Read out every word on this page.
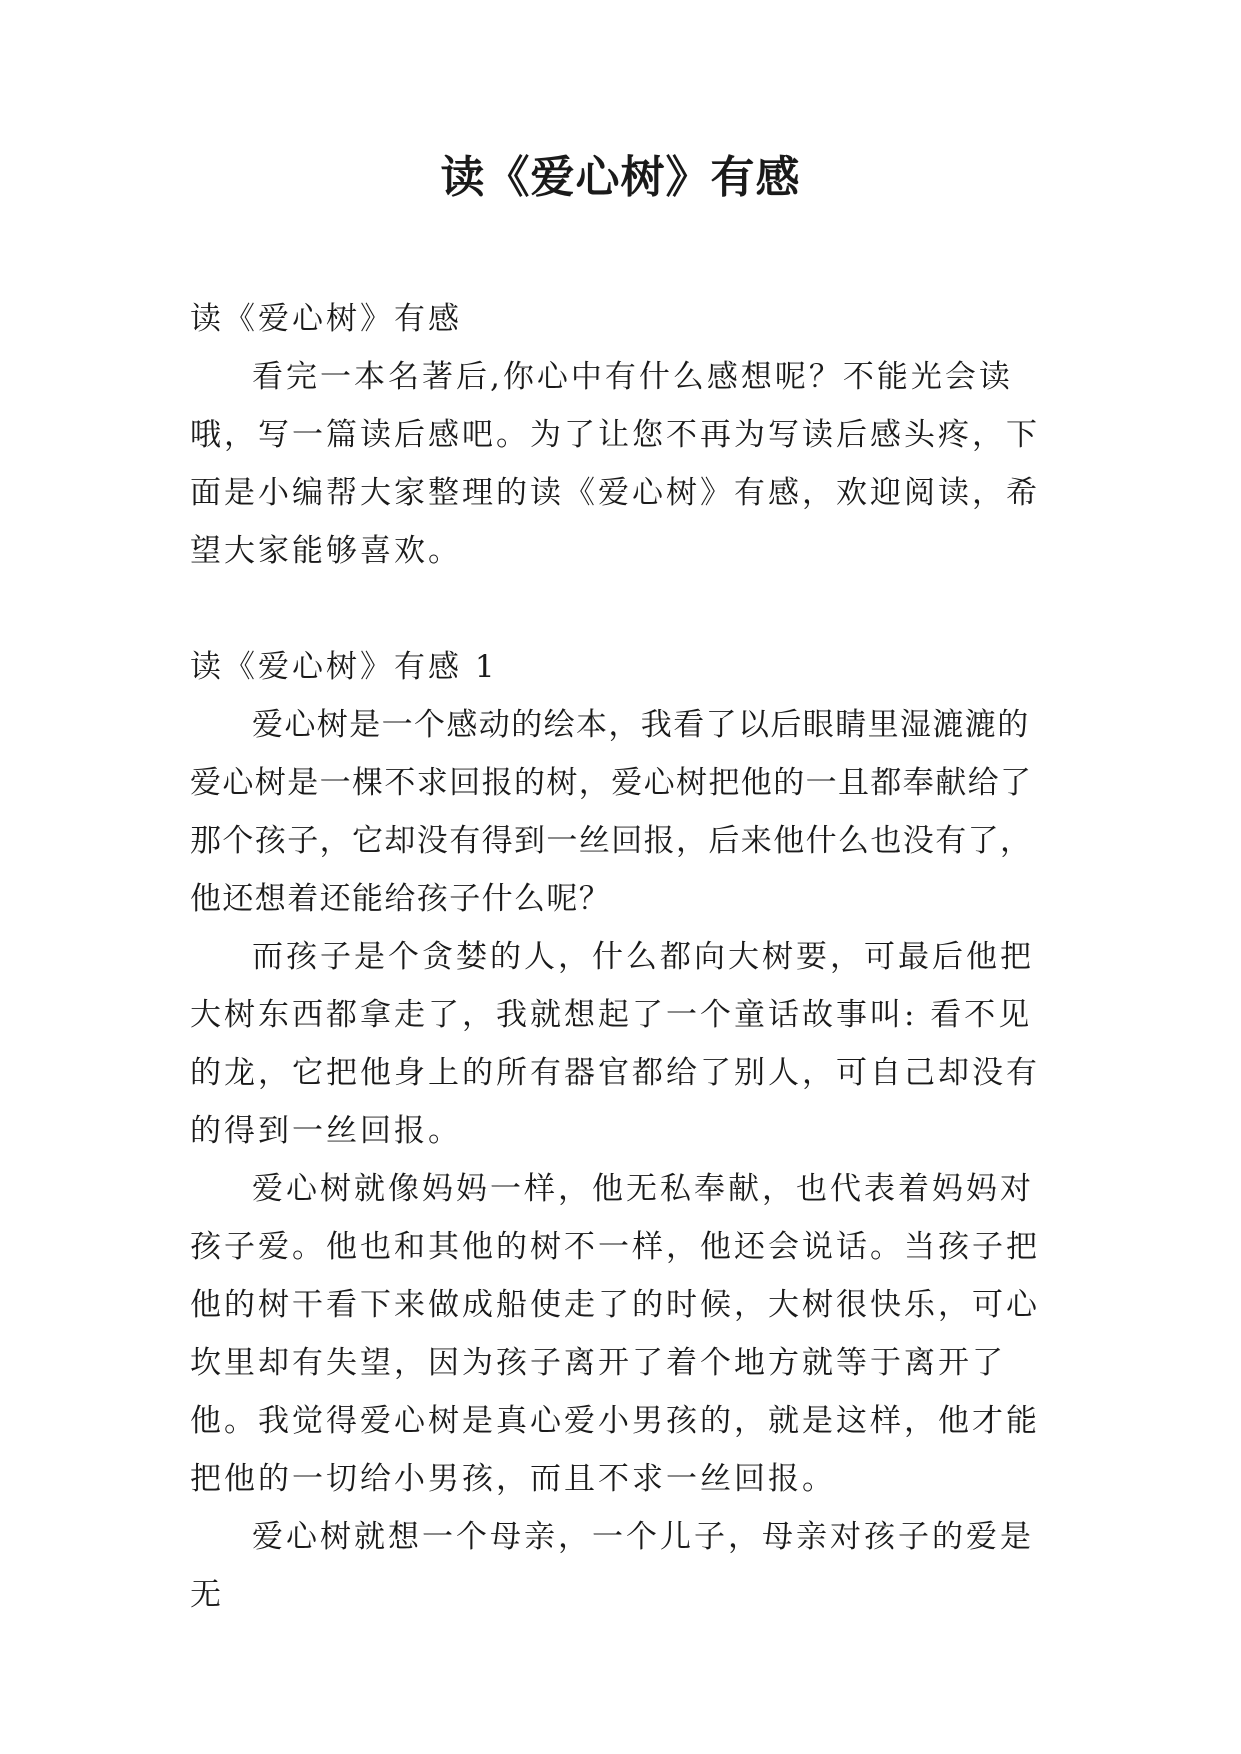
读《爱心树》有感

读《爱心树》有感

看完一本名著后,你心中有什么感想呢？不能光会读哦，写一篇读后感吧。为了让您不再为写读后感头疼，下面是小编帮大家整理的读《爱心树》有感，欢迎阅读，希望大家能够喜欢。

读《爱心树》有感 1

爱心树是一个感动的绘本，我看了以后眼睛里湿漉漉的爱心树是一棵不求回报的树，爱心树把他的一且都奉献给了那个孩子，它却没有得到一丝回报，后来他什么也没有了，他还想着还能给孩子什么呢？

而孩子是个贪婪的人，什么都向大树要，可最后他把大树东西都拿走了，我就想起了一个童话故事叫: 看不见的龙，它把他身上的所有器官都给了别人，可自己却没有的得到一丝回报。

爱心树就像妈妈一样，他无私奉献，也代表着妈妈对孩子爱。他也和其他的树不一样，他还会说话。当孩子把他的树干看下来做成船使走了的时候，大树很快乐，可心坎里却有失望，因为孩子离开了着个地方就等于离开了他。我觉得爱心树是真心爱小男孩的，就是这样，他才能把他的一切给小男孩，而且不求一丝回报。

爱心树就想一个母亲，一个儿子，母亲对孩子的爱是无
